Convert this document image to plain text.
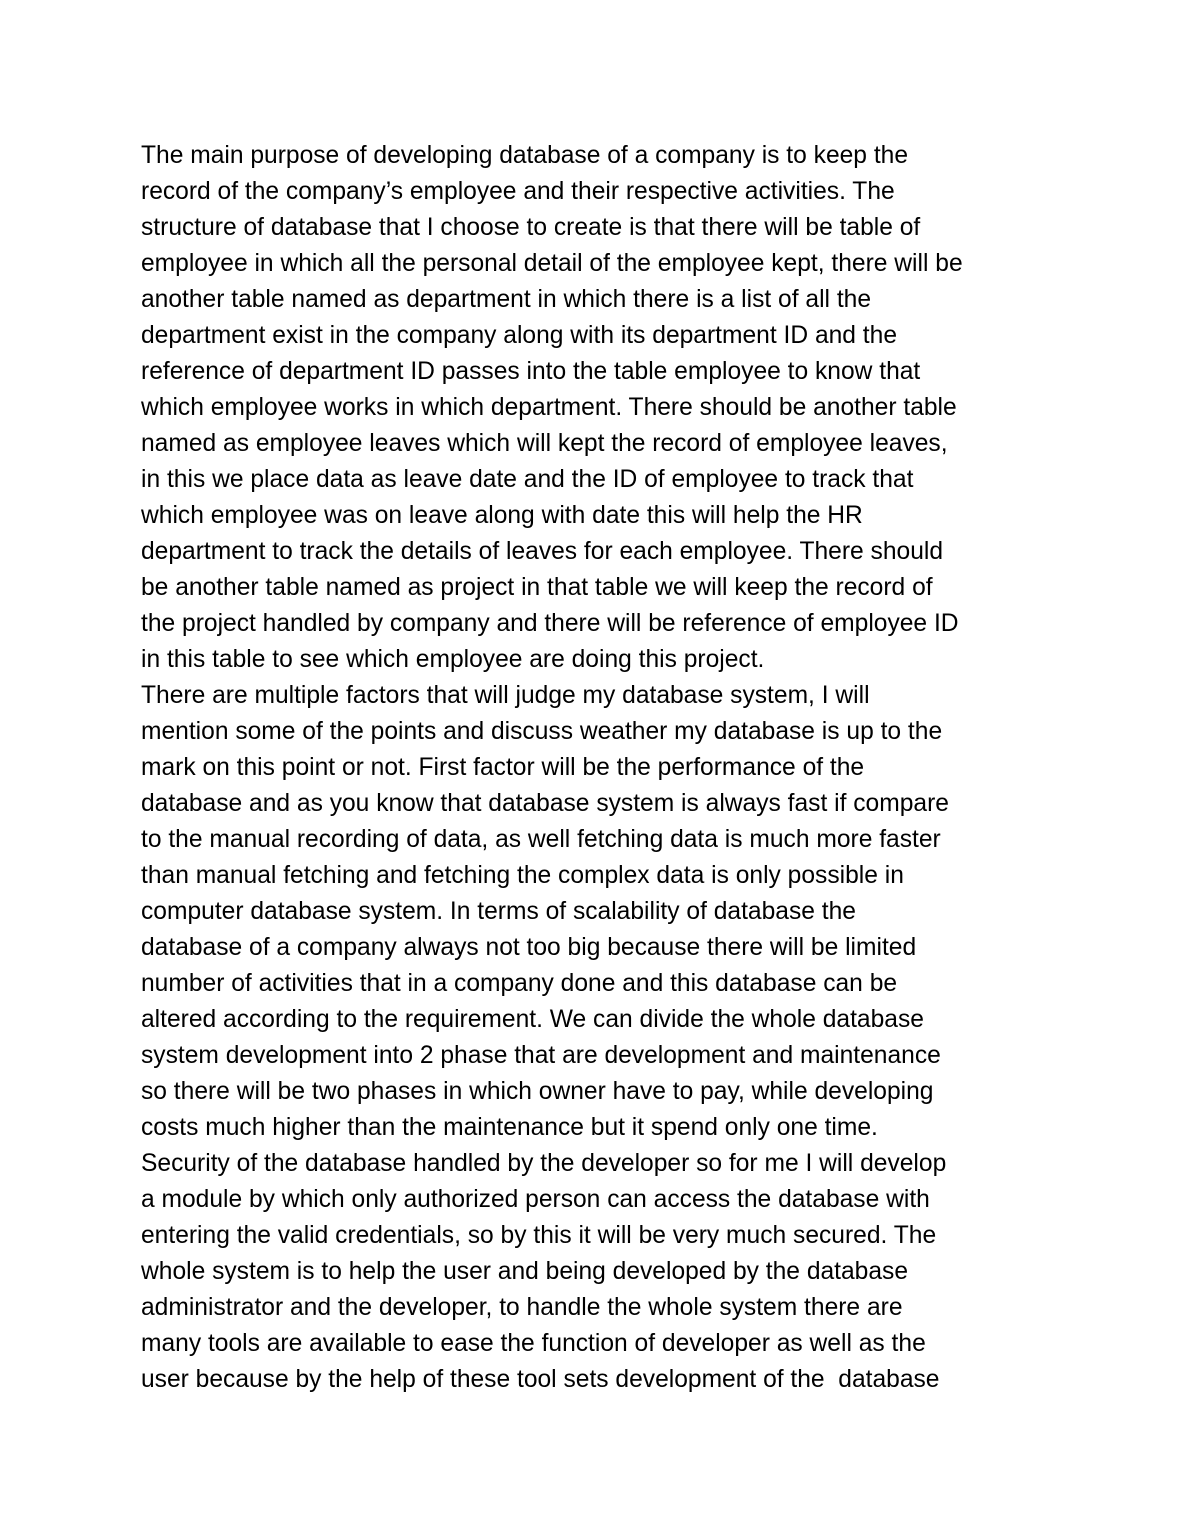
The main purpose of developing database of a company is to keep the
record of the company’s employee and their respective activities. The
structure of database that I choose to create is that there will be table of
employee in which all the personal detail of the employee kept, there will be
another table named as department in which there is a list of all the
department exist in the company along with its department ID and the
reference of department ID passes into the table employee to know that
which employee works in which department. There should be another table
named as employee leaves which will kept the record of employee leaves,
in this we place data as leave date and the ID of employee to track that
which employee was on leave along with date this will help the HR
department to track the details of leaves for each employee. There should
be another table named as project in that table we will keep the record of
the project handled by company and there will be reference of employee ID
in this table to see which employee are doing this project.
There are multiple factors that will judge my database system, I will
mention some of the points and discuss weather my database is up to the
mark on this point or not. First factor will be the performance of the
database and as you know that database system is always fast if compare
to the manual recording of data, as well fetching data is much more faster
than manual fetching and fetching the complex data is only possible in
computer database system. In terms of scalability of database the
database of a company always not too big because there will be limited
number of activities that in a company done and this database can be
altered according to the requirement. We can divide the whole database
system development into 2 phase that are development and maintenance
so there will be two phases in which owner have to pay, while developing
costs much higher than the maintenance but it spend only one time.
Security of the database handled by the developer so for me I will develop
a module by which only authorized person can access the database with
entering the valid credentials, so by this it will be very much secured. The
whole system is to help the user and being developed by the database
administrator and the developer, to handle the whole system there are
many tools are available to ease the function of developer as well as the
user because by the help of these tool sets development of the  database
